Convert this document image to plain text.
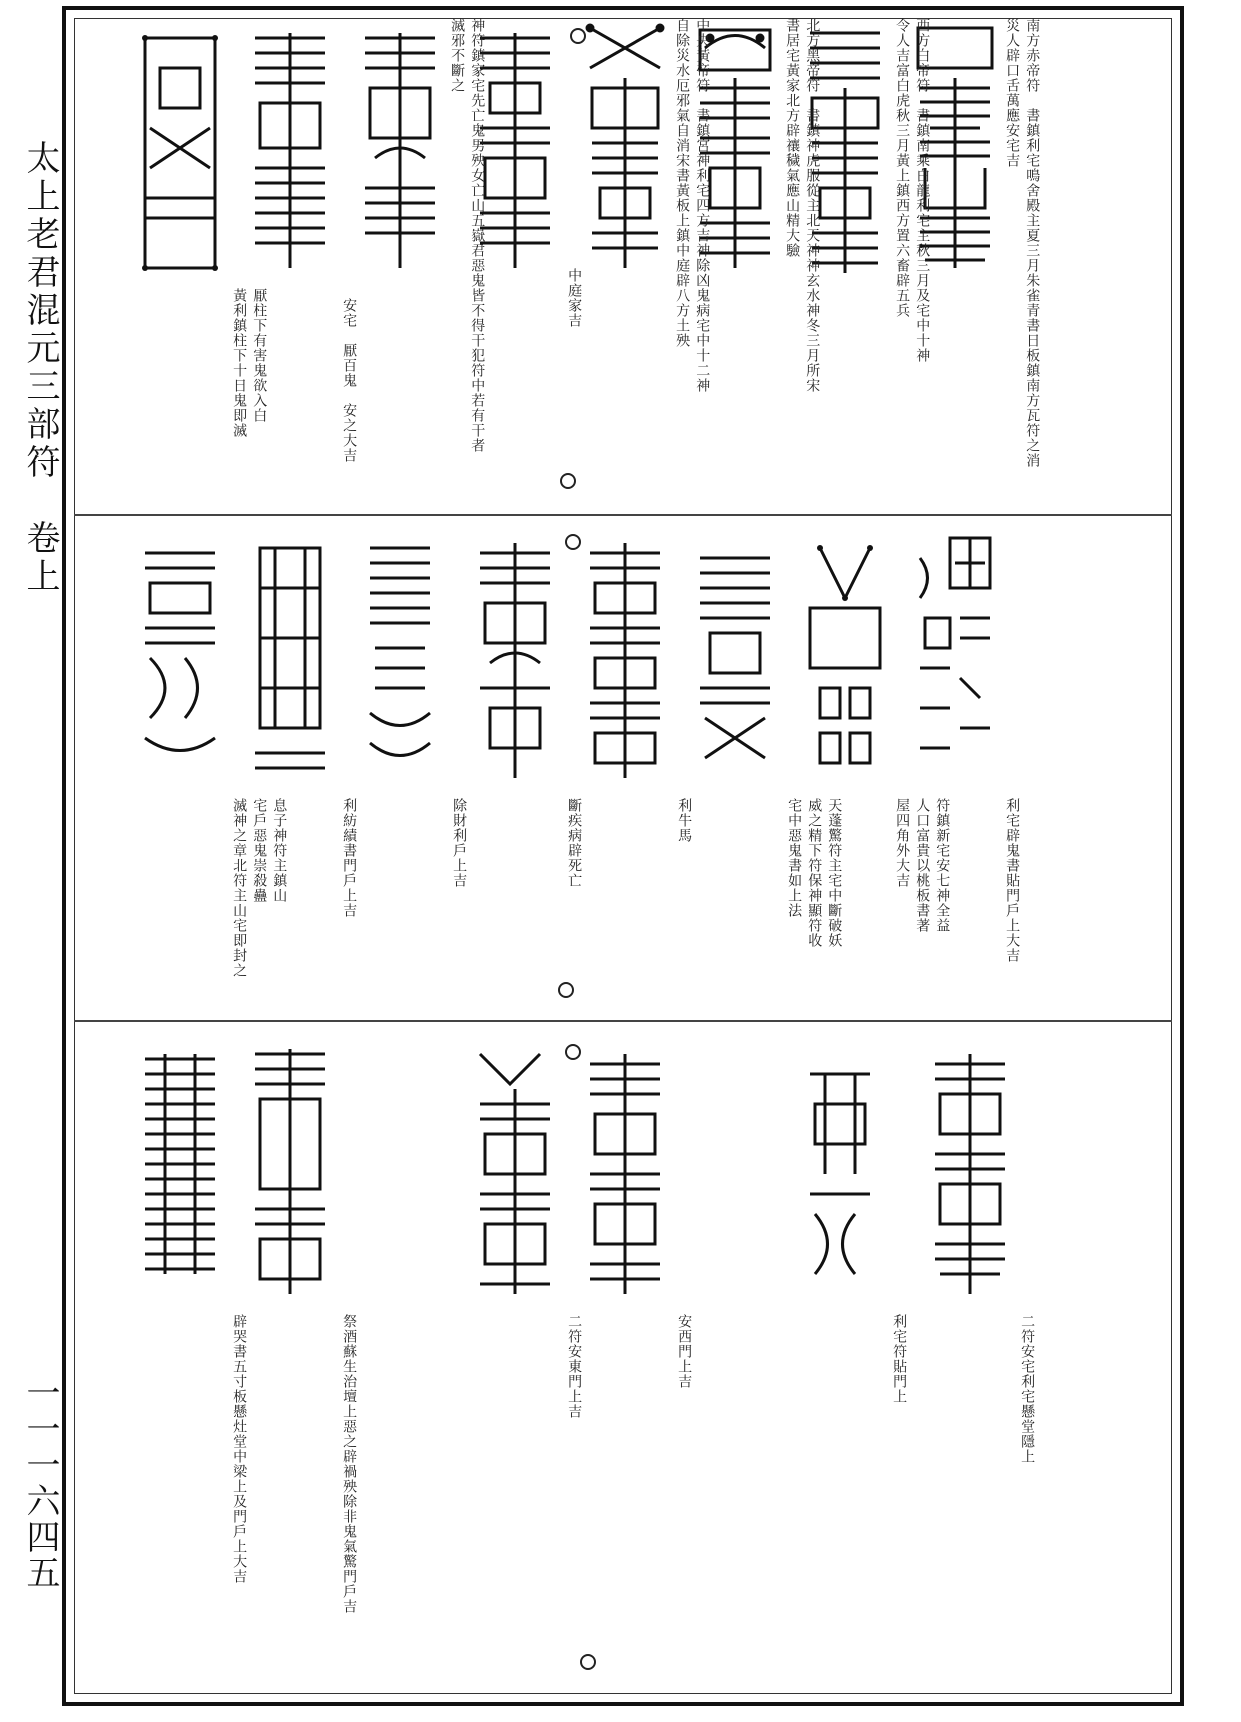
太上老君混元三部符　卷上
一一一六四五
南方赤帝符　書鎮利宅鳴舍殿主夏三月朱雀青書日板鎮南方瓦符之消災人辟口舌萬應安宅吉
西方白帝符　書鎮南乘白龍利宅主秋三月及宅中十神令人吉富白虎秋三月黃上鎮西方置六畜辟五兵
北方黑帝符　書鎮神虎服從主北天神神玄水神冬三月所宋書居宅黃家北方辟禳穢氣應山精大驗
中央黃帝符　書鎮宮神利宅四方吉神除凶鬼病宅中十二神自除災水厄邪氣自消宋書黃板上鎮中庭辟八方土殃
中庭家吉
神符鎮家宅先亡鬼男殃女亡山五嶽君惡鬼皆不得干犯符中若有干者滅邪不斷之
安宅　厭百鬼　安之大吉
厭柱下有害鬼欲入白黃利鎮柱下十日鬼即滅
利宅辟鬼書貼門戶上大吉
符鎮新宅安七神全益人口富貴以桃板書著屋四角外大吉
天蓬驚符主宅中斷破妖威之精下符保神顯符收宅中惡鬼書如上法
利牛馬
斷疾病辟死亡
除財利戶上吉
利紡績書門戶上吉
息子神符主鎮山宅戶惡鬼崇殺蠱滅神之章北符主山宅即封之
二符安宅利宅懸堂隱上
利宅符貼門上
安西門上吉
二符安東門上吉
祭酒蘇生治壇上惡之辟禍殃除非鬼氣驚門戶吉
辟哭書五寸板懸灶堂中梁上及門戶上大吉
